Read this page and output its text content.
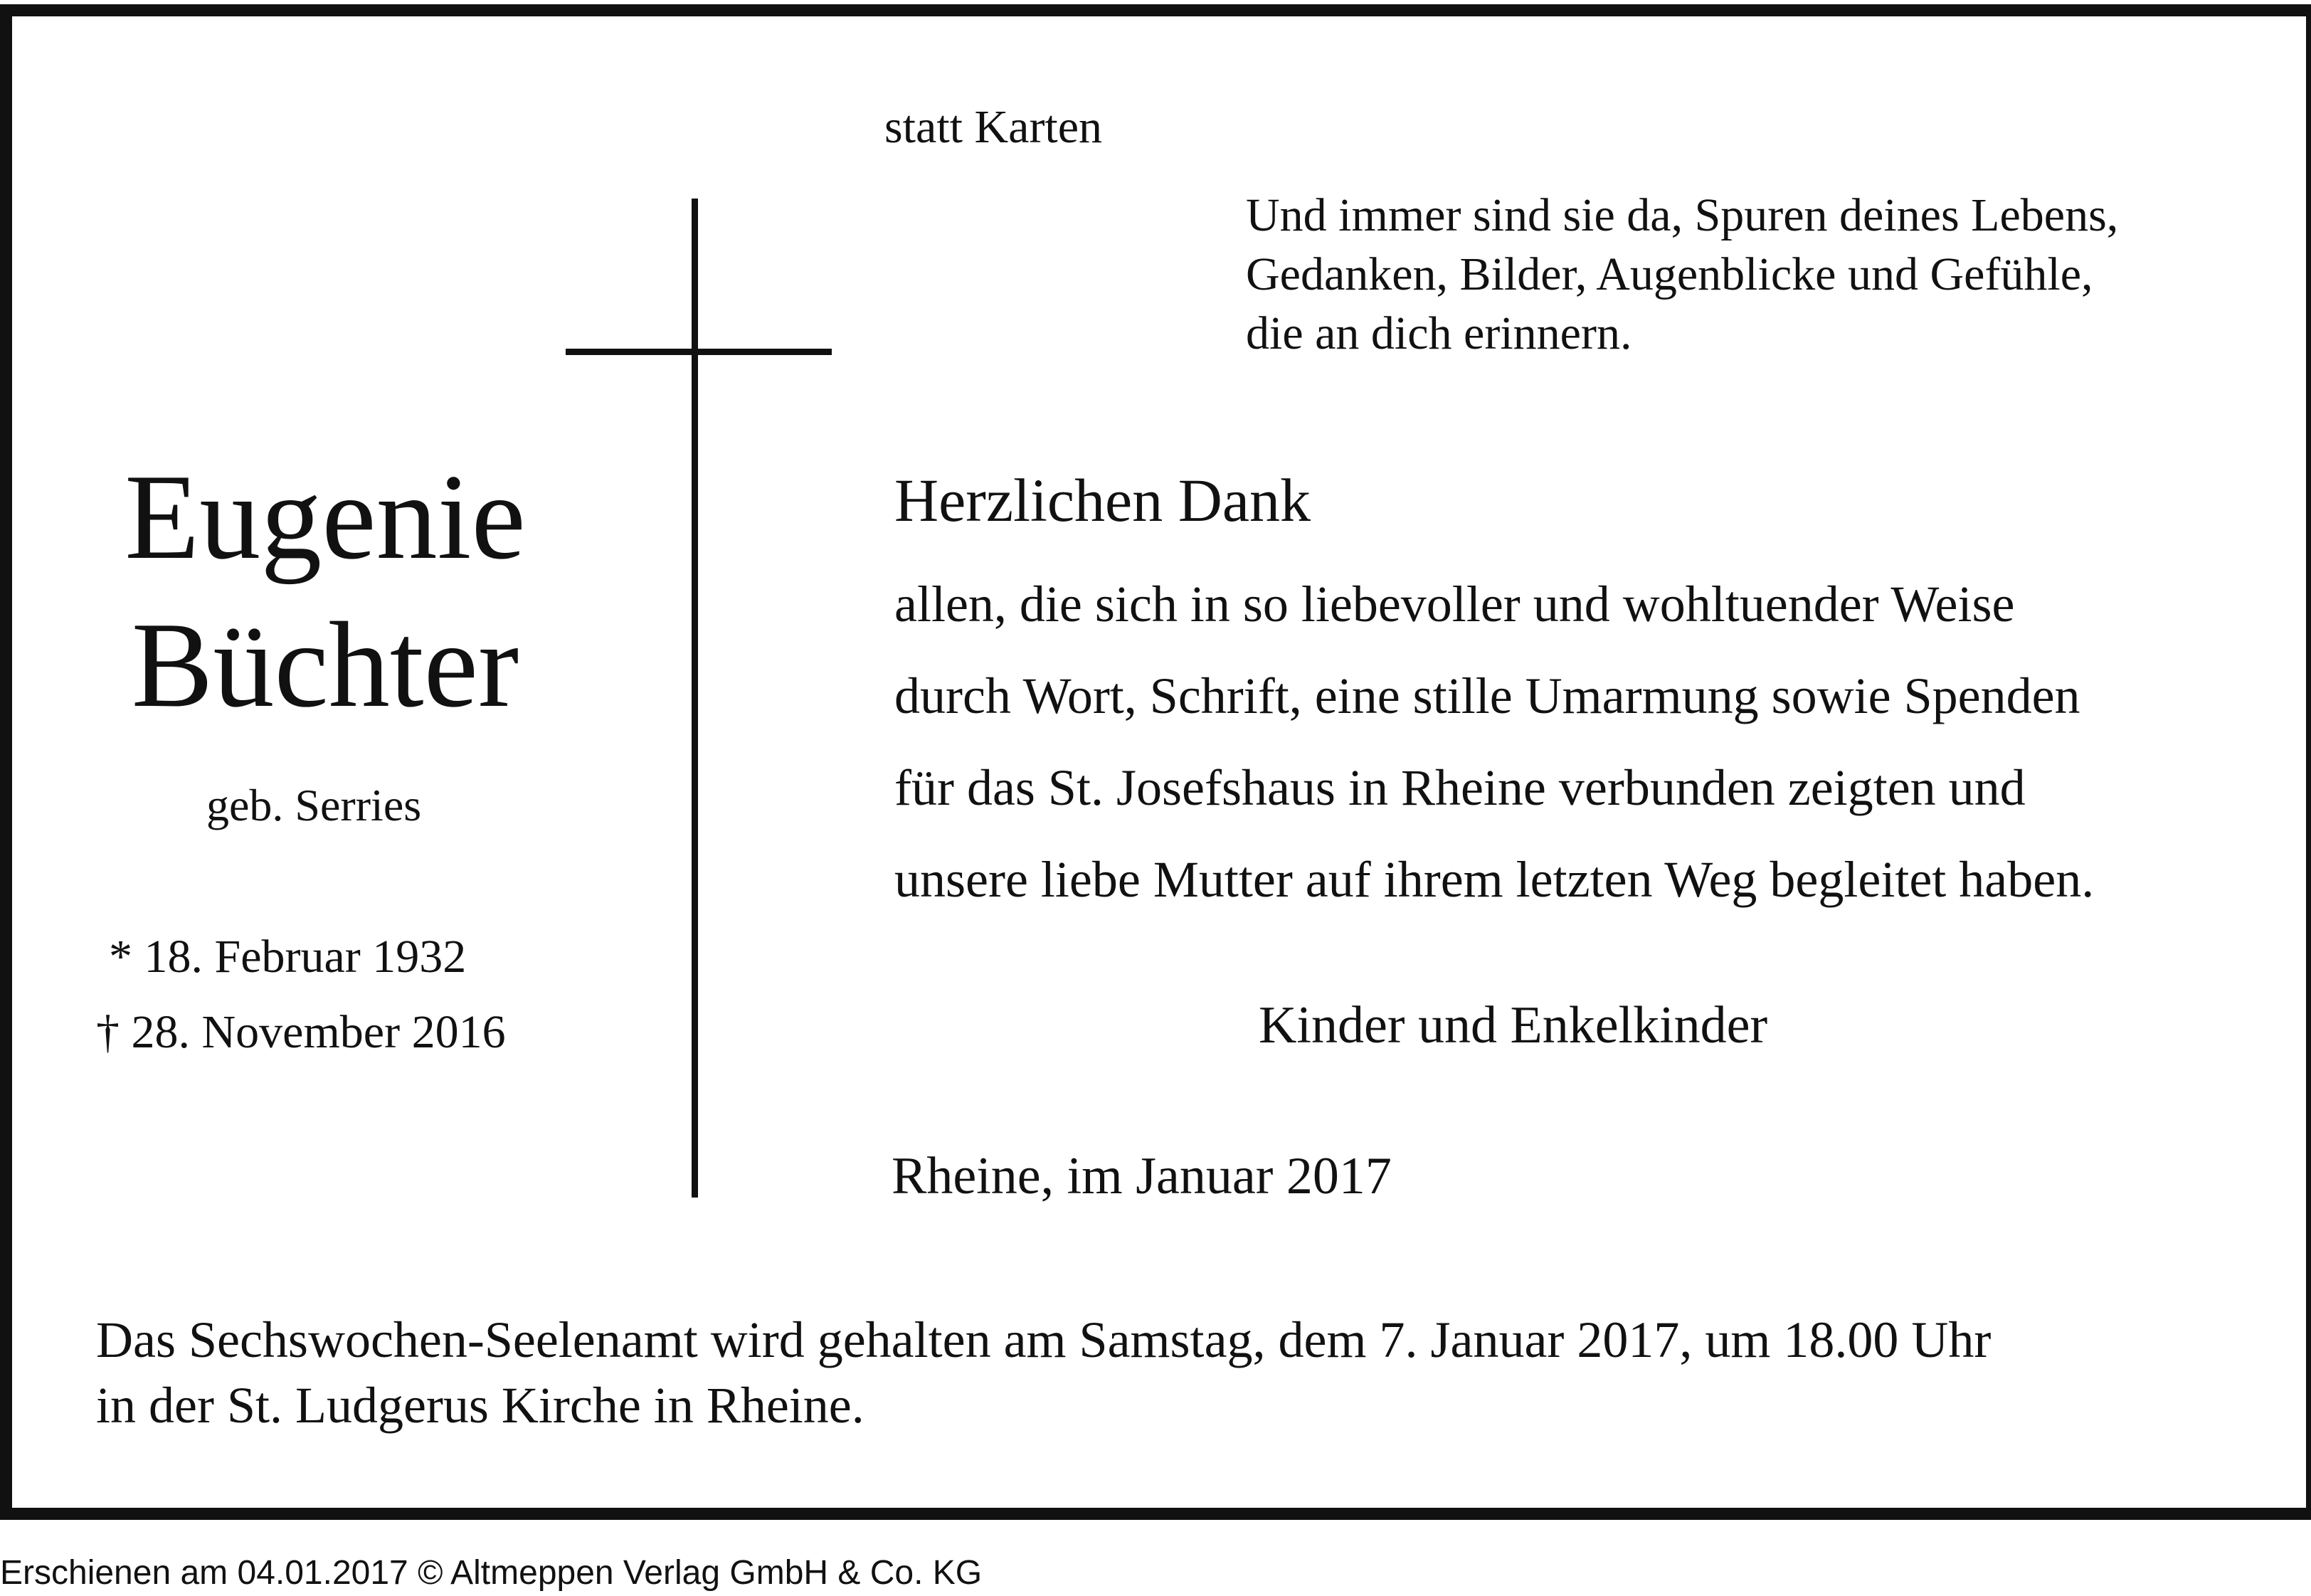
statt Karten
Und immer sind sie da, Spuren deines Lebens,
Gedanken, Bilder, Augenblicke und Gefühle,
die an dich erinnern.
Eugenie
Büchter
geb. Serries
* 18. Februar 1932
† 28. November 2016
Herzlichen Dank
allen, die sich in so liebevoller und wohltuender Weise
durch Wort, Schrift, eine stille Umarmung sowie Spenden
für das St. Josefshaus in Rheine verbunden zeigten und
unsere liebe Mutter auf ihrem letzten Weg begleitet haben.
Kinder und Enkelkinder
Rheine, im Januar 2017
Das Sechswochen-Seelenamt wird gehalten am Samstag, dem 7. Januar 2017, um 18.00 Uhr
in der St. Ludgerus Kirche in Rheine.
Erschienen am 04.01.2017 © Altmeppen Verlag GmbH & Co. KG
